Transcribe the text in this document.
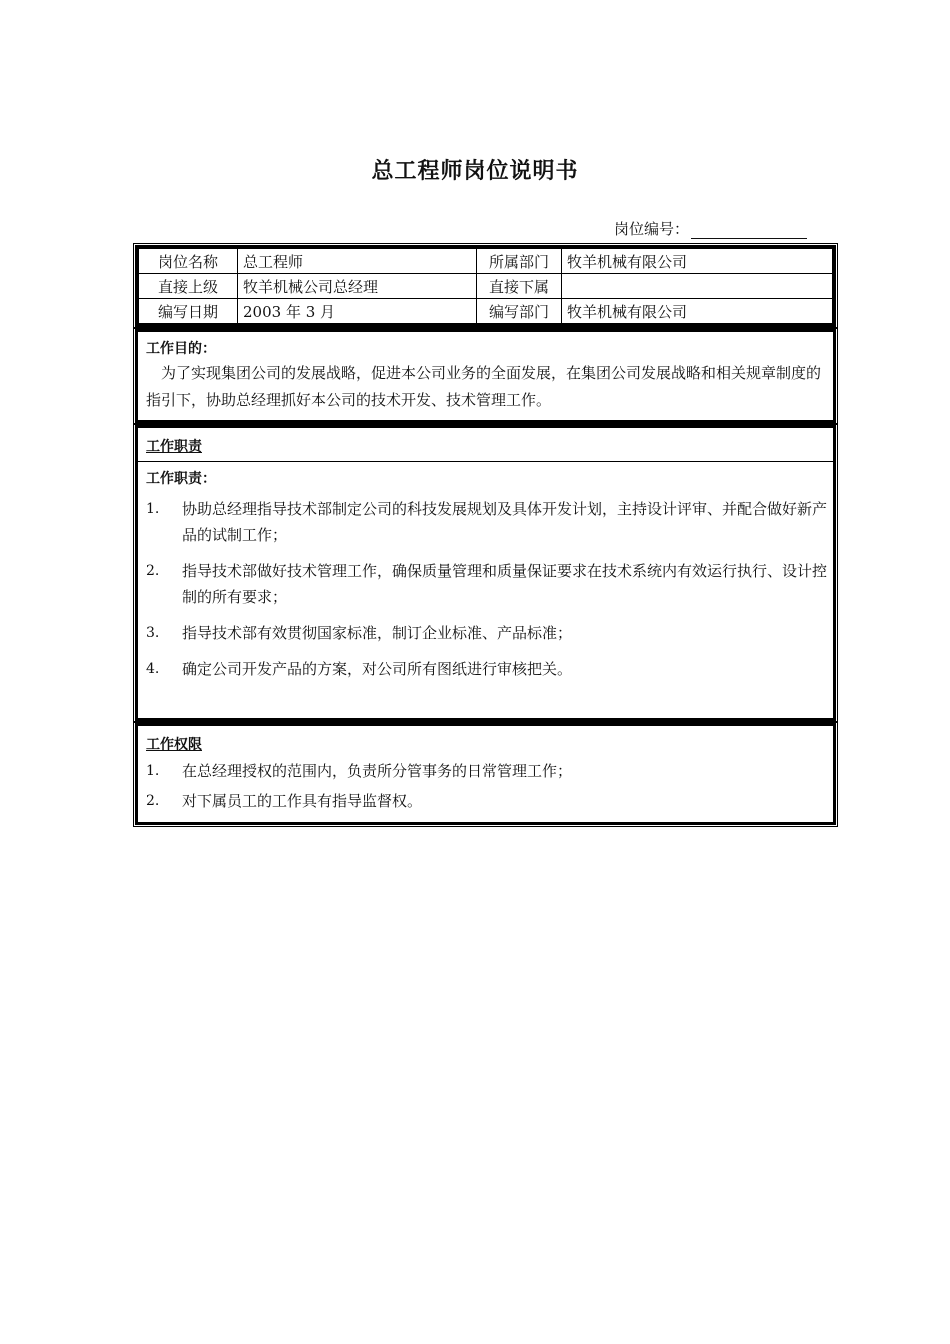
总工程师岗位说明书
岗位编号：
岗位名称	总工程师	所属部门	牧羊机械有限公司
直接上级	牧羊机械公司总经理	直接下属	
编写日期	2003 年 3 月	编写部门	牧羊机械有限公司
工作目的：
为了实现集团公司的发展战略，促进本公司业务的全面发展，在集团公司发展战略和相关规章制度的指引下，协助总经理抓好本公司的技术开发、技术管理工作。
工作职责
工作职责：
1.	协助总经理指导技术部制定公司的科技发展规划及具体开发计划，主持设计评审、并配合做好新产品的试制工作；
2.	指导技术部做好技术管理工作，确保质量管理和质量保证要求在技术系统内有效运行执行、设计控制的所有要求；
3.	指导技术部有效贯彻国家标准，制订企业标准、产品标准；
4.	确定公司开发产品的方案，对公司所有图纸进行审核把关。
工作权限
1.	在总经理授权的范围内，负责所分管事务的日常管理工作；
2.	对下属员工的工作具有指导监督权。
